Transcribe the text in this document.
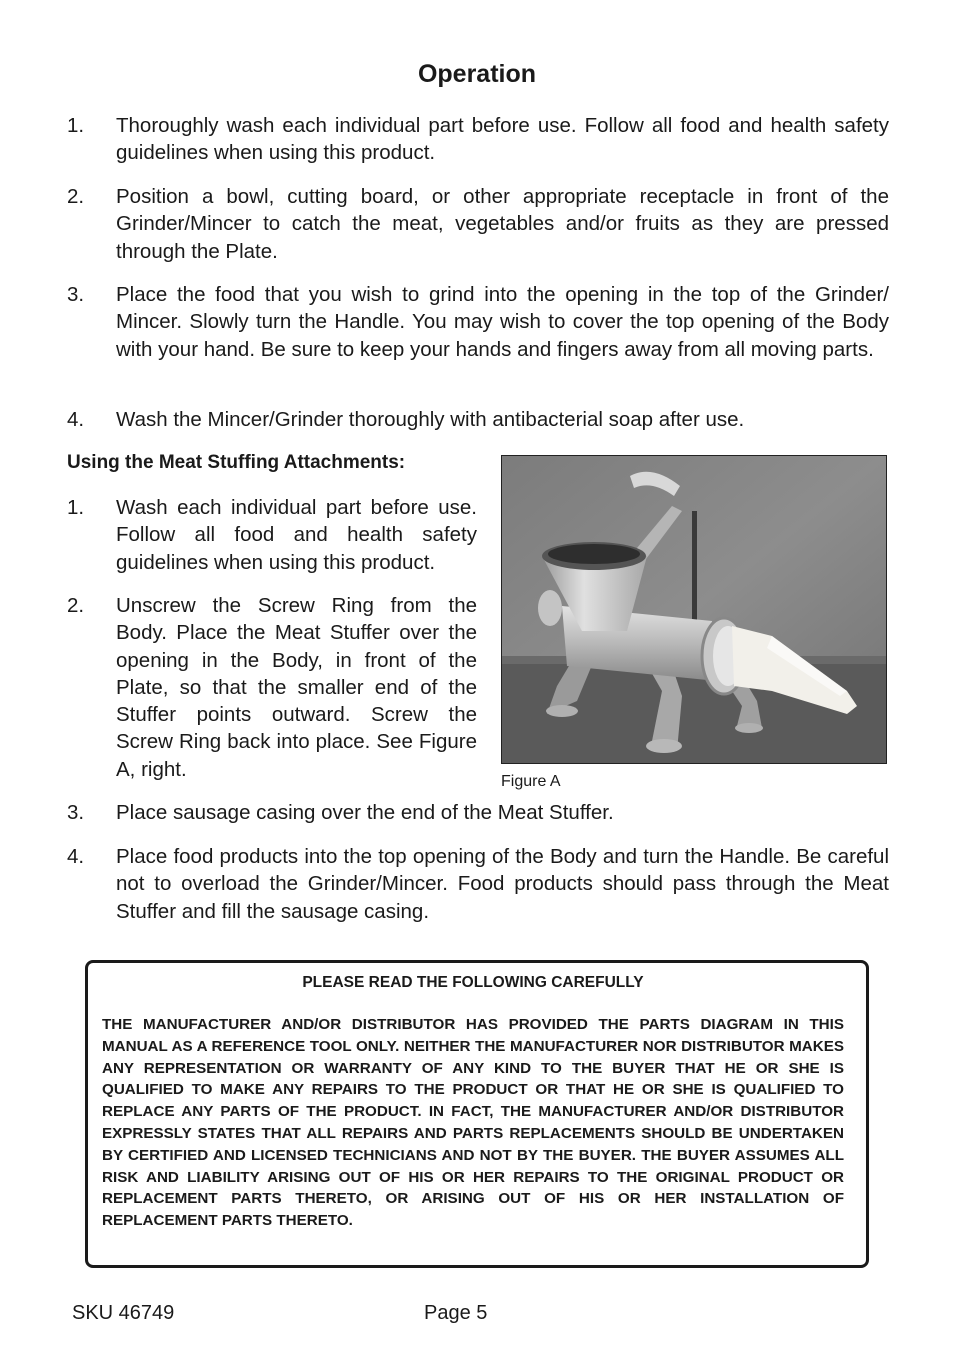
Operation
1. Thoroughly wash each individual part before use. Follow all food and health safety guidelines when using this product.
2. Position a bowl, cutting board, or other appropriate receptacle in front of the Grinder/Mincer to catch the meat, vegetables and/or fruits as they are pressed through the Plate.
3. Place the food that you wish to grind into the opening in the top of the Grinder/ Mincer. Slowly turn the Handle. You may wish to cover the top opening of the Body with your hand. Be sure to keep your hands and fingers away from all moving parts.
4. Wash the Mincer/Grinder thoroughly with antibacterial soap after use.
Using the Meat Stuffing Attachments:
1. Wash each individual part before use. Follow all food and health safety guidelines when using this product.
2. Unscrew the Screw Ring from the Body. Place the Meat Stuffer over the opening in the Body, in front of the Plate, so that the smaller end of the Stuffer points outward. Screw the Screw Ring back into place. See Figure A, right.
Figure A
3. Place sausage casing over the end of the Meat Stuffer.
4. Place food products into the top opening of the Body and turn the Handle. Be careful not to overload the Grinder/Mincer. Food products should pass through the Meat Stuffer and fill the sausage casing.
PLEASE READ THE FOLLOWING CAREFULLY
THE MANUFACTURER AND/OR DISTRIBUTOR HAS PROVIDED THE PARTS DIAGRAM IN THIS MANUAL AS A REFERENCE TOOL ONLY. NEITHER THE MANUFACTURER NOR DISTRIBUTOR MAKES ANY REPRESENTATION OR WARRANTY OF ANY KIND TO THE BUYER THAT HE OR SHE IS QUALIFIED TO MAKE ANY REPAIRS TO THE PRODUCT OR THAT HE OR SHE IS QUALIFIED TO REPLACE ANY PARTS OF THE PRODUCT. IN FACT, THE MANUFACTURER AND/OR DISTRIBUTOR EXPRESSLY STATES THAT ALL REPAIRS AND PARTS REPLACEMENTS SHOULD BE UNDERTAKEN BY CERTIFIED AND LICENSED TECHNICIANS AND NOT BY THE BUYER. THE BUYER ASSUMES ALL RISK AND LIABILITY ARISING OUT OF HIS OR HER REPAIRS TO THE ORIGINAL PRODUCT OR REPLACEMENT PARTS THERETO, OR ARISING OUT OF HIS OR HER INSTALLATION OF REPLACEMENT PARTS THERETO.
SKU 46749	Page 5
